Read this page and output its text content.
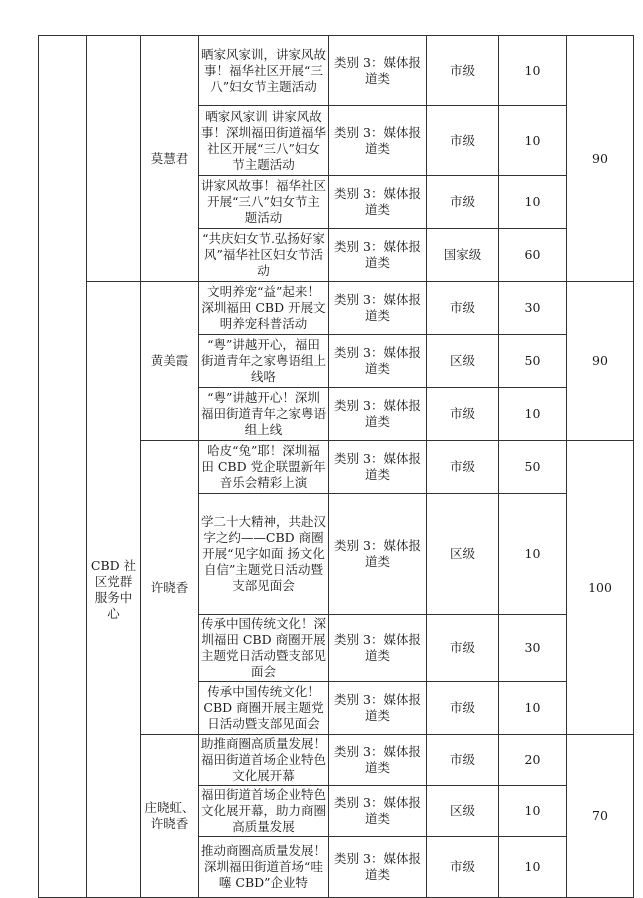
		莫慧君	晒家风家训，讲家风故事！福华社区开展“三八”妇女节主题活动	类别 3：媒体报道类	市级	10	90
			晒家风家训 讲家风故事！深圳福田街道福华社区开展“三八”妇女节主题活动	类别 3：媒体报道类	市级	10	
			讲家风故事！福华社区开展“三八”妇女节主题活动	类别 3：媒体报道类	市级	10	
			“共庆妇女节.弘扬好家风”福华社区妇女节活动	类别 3：媒体报道类	国家级	60	
	CBD 社区党群服务中心	黄美霞	文明养宠“益”起来！深圳福田 CBD 开展文明养宠科普活动	类别 3：媒体报道类	市级	30	90
			“粤”讲越开心，福田街道青年之家粤语组上线咯	类别 3：媒体报道类	区级	50	
			“粤”讲越开心！深圳福田街道青年之家粤语组上线	类别 3：媒体报道类	市级	10	
		许晓香	哈皮“兔”耶！深圳福田 CBD 党企联盟新年音乐会精彩上演	类别 3：媒体报道类	市级	50	100
			学二十大精神，共赴汉字之约——CBD 商圈开展“见字如面 扬文化自信”主题党日活动暨支部见面会	类别 3：媒体报道类	区级	10	
			传承中国传统文化！深圳福田 CBD 商圈开展主题党日活动暨支部见面会	类别 3：媒体报道类	市级	30	
			传承中国传统文化！CBD 商圈开展主题党日活动暨支部见面会	类别 3：媒体报道类	市级	10	
		庄晓虹、许晓香	助推商圈高质量发展！福田街道首场企业特色文化展开幕	类别 3：媒体报道类	市级	20	70
			福田街道首场企业特色文化展开幕，助力商圈高质量发展	类别 3：媒体报道类	区级	10	
			推动商圈高质量发展！深圳福田街道首场“哇噻 CBD”企业特	类别 3：媒体报道类	市级	10	
